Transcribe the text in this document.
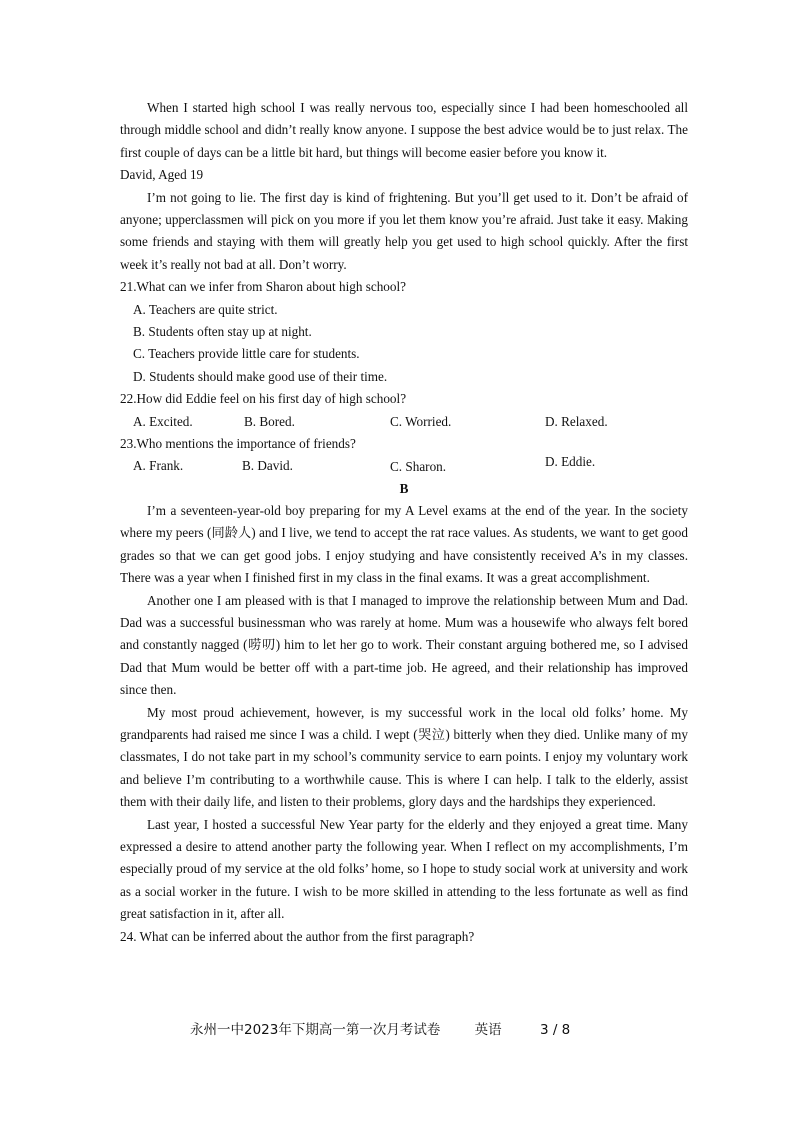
When I started high school I was really nervous too, especially since I had been homeschooled all through middle school and didn’t really know anyone. I suppose the best advice would be to just relax. The first couple of days can be a little bit hard, but things will become easier before you know it.

David, Aged 19

I’m not going to lie. The first day is kind of frightening. But you’ll get used to it. Don’t be afraid of anyone; upperclassmen will pick on you more if you let them know you’re afraid. Just take it easy. Making some friends and staying with them will greatly help you get used to high school quickly. After the first week it’s really not bad at all. Don’t worry.

21.What can we infer from Sharon about high school?
A. Teachers are quite strict.
B. Students often stay up at night.
C. Teachers provide little care for students.
D. Students should make good use of their time.
22.How did Eddie feel on his first day of high school?
A. Excited.	B. Bored.	C. Worried.	D. Relaxed.
23.Who mentions the importance of friends?
A. Frank.	B. David.	C. Sharon.	D. Eddie.
B

I’m a seventeen-year-old boy preparing for my A Level exams at the end of the year. In the society where my peers (同龄人) and I live, we tend to accept the rat race values. As students, we want to get good grades so that we can get good jobs. I enjoy studying and have consistently received A’s in my classes. There was a year when I finished first in my class in the final exams. It was a great accomplishment.

Another one I am pleased with is that I managed to improve the relationship between Mum and Dad. Dad was a successful businessman who was rarely at home. Mum was a housewife who always felt bored and constantly nagged (唠叨) him to let her go to work. Their constant arguing bothered me, so I advised Dad that Mum would be better off with a part-time job. He agreed, and their relationship has improved since then.

My most proud achievement, however, is my successful work in the local old folks’ home. My grandparents had raised me since I was a child. I wept (哭泣) bitterly when they died. Unlike many of my classmates, I do not take part in my school’s community service to earn points. I enjoy my voluntary work and believe I’m contributing to a worthwhile cause. This is where I can help. I talk to the elderly, assist them with their daily life, and listen to their problems, glory days and the hardships they experienced.

Last year, I hosted a successful New Year party for the elderly and they enjoyed a great time. Many expressed a desire to attend another party the following year. When I reflect on my accomplishments, I’m especially proud of my service at the old folks’ home, so I hope to study social work at university and work as a social worker in the future. I wish to be more skilled in attending to the less fortunate as well as find great satisfaction in it, after all.

24. What can be inferred about the author from the first paragraph?
永州一中2023年下期高一第一次月考试卷	英语	3 / 8
